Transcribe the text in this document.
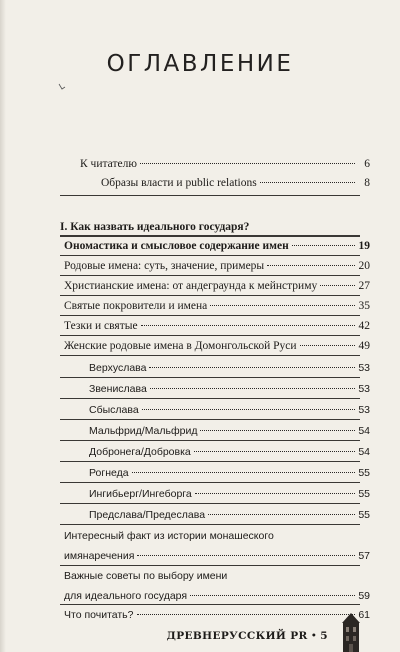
ОГЛАВЛЕНИЕ
К читателю	6
Образы власти и public relations	8
I. Как назвать идеального государя?
Ономастика и смысловое содержание имен	19
Родовые имена: суть, значение, примеры	20
Христианские имена: от андеграунда к мейнстриму	27
Святые покровители и имена	35
Тезки и святые	42
Женские родовые имена в Домонгольской Руси	49
Верхуслава	53
Звенислава	53
Сбыслава	53
Мальфрид/Мальфрид	54
Добронега/Добровка	54
Рогнеда	55
Ингибьерг/Ингеборга	55
Предслава/Предеслава	55
Интересный факт из истории монашеского
имянаречения	57
Важные советы по выбору имени
для идеального государя	59
Что почитать?	61
ДРЕВНЕРУССКИЙ PR • 5
